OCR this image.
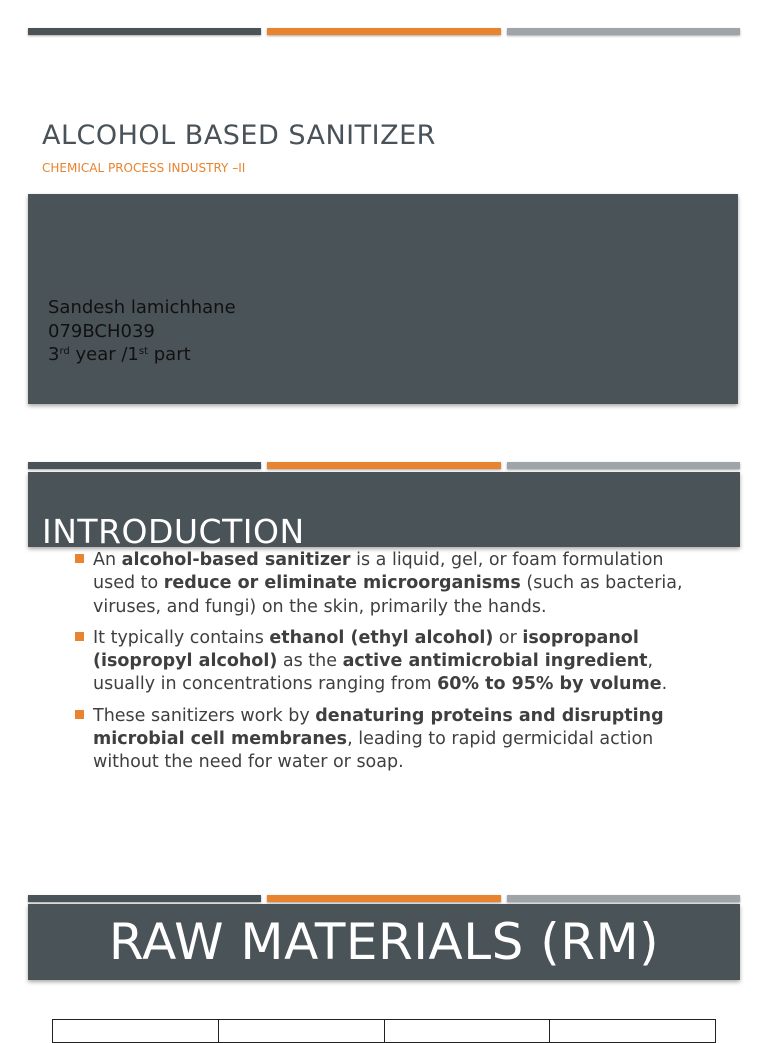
ALCOHOL BASED SANITIZER

CHEMICAL PROCESS INDUSTRY –II

Sandesh lamichhane
079BCH039
3rd year /1st part
INTRODUCTION
An alcohol-based sanitizer is a liquid, gel, or foam formulation used to reduce or eliminate microorganisms (such as bacteria, viruses, and fungi) on the skin, primarily the hands.
It typically contains ethanol (ethyl alcohol) or isopropanol (isopropyl alcohol) as the active antimicrobial ingredient, usually in concentrations ranging from 60% to 95% by volume.
These sanitizers work by denaturing proteins and disrupting microbial cell membranes, leading to rapid germicidal action without the need for water or soap.
RAW MATERIALS (RM)
